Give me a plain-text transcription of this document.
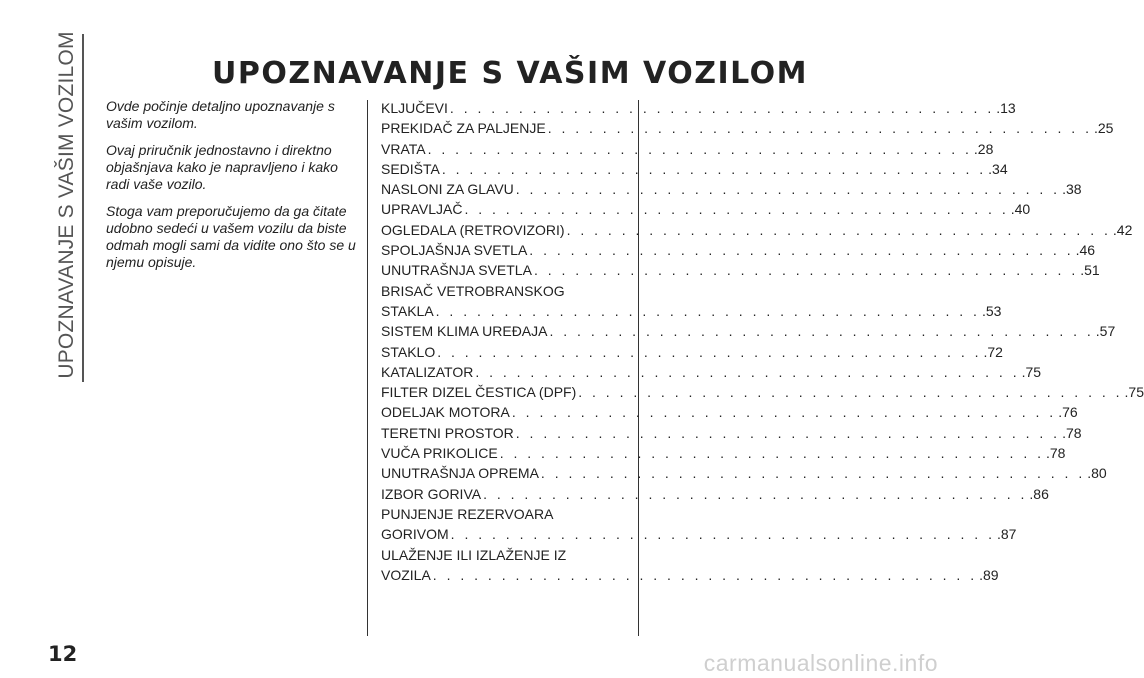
UPOZNAVANJE S VAŠIM VOZILOM	UPOZNAVANJE S VAŠIM VOZILOM

Ovde počinje detaljno upoznavanje s vašim vozilom.

Ovaj priručnik jednostavno i direktno objašnjava kako je napravljeno i kako radi vaše vozilo.

Stoga vam preporučujemo da ga čitate udobno sedeći u vašem vozilu da biste odmah mogli sami da vidite ono što se u njemu opisuje.

KLJUČEVI . . . . . . . . . . . . . . . . . . . . . . . . . . . . . . . . . . . . . . . . .13
PREKIDAČ ZA PALJENJE . . . . . . . . . . . . . . . . . . . . . . . . . . . . . . . . . . . . . . . . .25
VRATA . . . . . . . . . . . . . . . . . . . . . . . . . . . . . . . . . . . . . . . . .28
SEDIŠTA . . . . . . . . . . . . . . . . . . . . . . . . . . . . . . . . . . . . . . . . .34
NASLONI ZA GLAVU . . . . . . . . . . . . . . . . . . . . . . . . . . . . . . . . . . . . . . . . .38
UPRAVLJAČ . . . . . . . . . . . . . . . . . . . . . . . . . . . . . . . . . . . . . . . . .40
OGLEDALA (RETROVIZORI) . . . . . . . . . . . . . . . . . . . . . . . . . . . . . . . . . . . . . . . . .42
SPOLJAŠNJA SVETLA . . . . . . . . . . . . . . . . . . . . . . . . . . . . . . . . . . . . . . . . .46
UNUTRAŠNJA SVETLA . . . . . . . . . . . . . . . . . . . . . . . . . . . . . . . . . . . . . . . . .51
BRISAČ VETROBRANSKOG
STAKLA . . . . . . . . . . . . . . . . . . . . . . . . . . . . . . . . . . . . . . . . .53
SISTEM KLIMA UREĐAJA . . . . . . . . . . . . . . . . . . . . . . . . . . . . . . . . . . . . . . . . .57
STAKLO . . . . . . . . . . . . . . . . . . . . . . . . . . . . . . . . . . . . . . . . .72
KATALIZATOR . . . . . . . . . . . . . . . . . . . . . . . . . . . . . . . . . . . . . . . . .75
FILTER DIZEL ČESTICA (DPF) . . . . . . . . . . . . . . . . . . . . . . . . . . . . . . . . . . . . . . . . .75
ODELJAK MOTORA . . . . . . . . . . . . . . . . . . . . . . . . . . . . . . . . . . . . . . . . .76
TERETNI PROSTOR . . . . . . . . . . . . . . . . . . . . . . . . . . . . . . . . . . . . . . . . .78
VUČA PRIKOLICE . . . . . . . . . . . . . . . . . . . . . . . . . . . . . . . . . . . . . . . . .78
UNUTRAŠNJA OPREMA . . . . . . . . . . . . . . . . . . . . . . . . . . . . . . . . . . . . . . . . .80
IZBOR GORIVA . . . . . . . . . . . . . . . . . . . . . . . . . . . . . . . . . . . . . . . . .86
PUNJENJE REZERVOARA
GORIVOM . . . . . . . . . . . . . . . . . . . . . . . . . . . . . . . . . . . . . . . . .87
ULAŽENJE ILI IZLAŽENJE IZ
VOZILA . . . . . . . . . . . . . . . . . . . . . . . . . . . . . . . . . . . . . . . . .89
12	carmanualsonline.info
